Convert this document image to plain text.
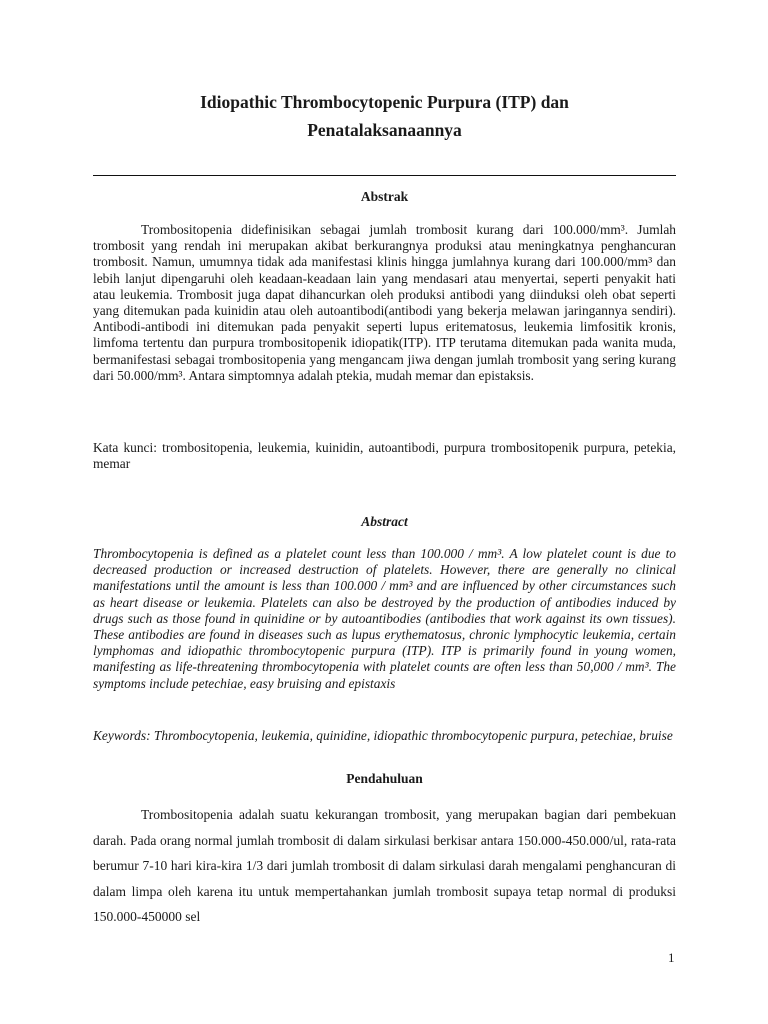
Idiopathic Thrombocytopenic Purpura (ITP) dan
Penatalaksanaannya
Abstrak

Trombositopenia didefinisikan sebagai jumlah trombosit kurang dari 100.000/mm³. Jumlah trombosit yang rendah ini merupakan akibat berkurangnya produksi atau meningkatnya penghancuran trombosit. Namun, umumnya tidak ada manifestasi klinis hingga jumlahnya kurang dari 100.000/mm³ dan lebih lanjut dipengaruhi oleh keadaan-keadaan lain yang mendasari atau menyertai, seperti penyakit hati atau leukemia. Trombosit juga dapat dihancurkan oleh produksi antibodi yang diinduksi oleh obat seperti yang ditemukan pada kuinidin atau oleh autoantibodi(antibodi yang bekerja melawan jaringannya sendiri). Antibodi-antibodi ini ditemukan pada penyakit seperti lupus eritematosus, leukemia limfositik kronis, limfoma tertentu dan purpura trombositopenik idiopatik(ITP). ITP terutama ditemukan pada wanita muda, bermanifestasi sebagai trombositopenia yang mengancam jiwa dengan jumlah trombosit yang sering kurang dari 50.000/mm³. Antara simptomnya adalah ptekia, mudah memar dan epistaksis.

Kata kunci: trombositopenia, leukemia, kuinidin, autoantibodi, purpura trombositopenik purpura, petekia, memar

Abstract

Thrombocytopenia is defined as a platelet count less than 100.000 / mm³. A low platelet count is due to decreased production or increased destruction of platelets. However, there are generally no clinical manifestations until the amount is less than 100.000 / mm³ and are influenced by other circumstances such as heart disease or leukemia. Platelets can also be destroyed by the production of antibodies induced by drugs such as those found in quinidine or by autoantibodies (antibodies that work against its own tissues). These antibodies are found in diseases such as lupus erythematosus, chronic lymphocytic leukemia, certain lymphomas and idiopathic thrombocytopenic purpura (ITP). ITP is primarily found in young women, manifesting as life-threatening thrombocytopenia with platelet counts are often less than 50,000 / mm³. The symptoms include petechiae, easy bruising and epistaxis

Keywords: Thrombocytopenia, leukemia, quinidine, idiopathic thrombocytopenic purpura, petechiae, bruise

Pendahuluan

Trombositopenia adalah suatu kekurangan trombosit, yang merupakan bagian dari pembekuan darah. Pada orang normal jumlah trombosit di dalam sirkulasi berkisar antara 150.000-450.000/ul, rata-rata berumur 7-10 hari kira-kira 1/3 dari jumlah trombosit di dalam sirkulasi darah mengalami penghancuran di dalam limpa oleh karena itu untuk mempertahankan jumlah trombosit supaya tetap normal di produksi 150.000-450000 sel

1
